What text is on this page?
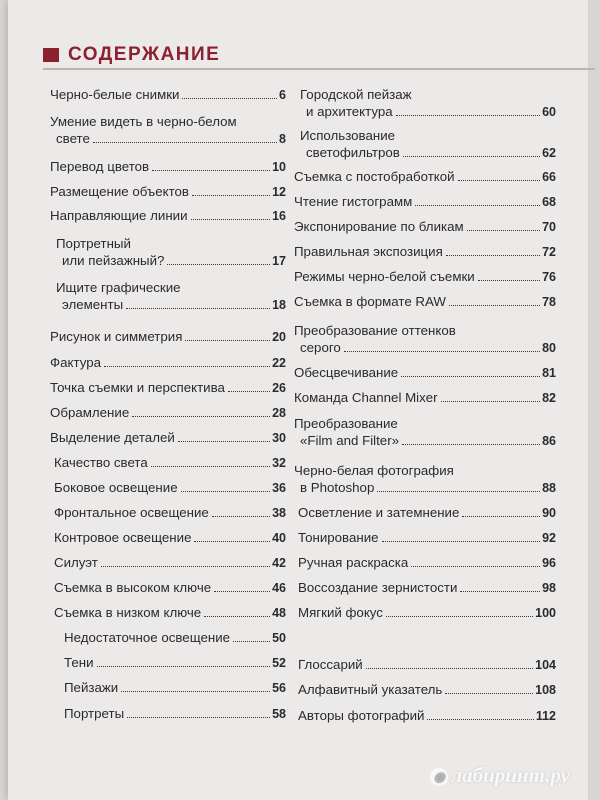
СОДЕРЖАНИЕ
Черно-белые снимки	6
Умение видеть в черно-белом
свете	8
Перевод цветов	10
Размещение объектов	12
Направляющие линии	16
Портретный
или пейзажный?	17
Ищите графические
элементы	18
Рисунок и симметрия	20
Фактура	22
Точка съемки и перспектива	26
Обрамление	28
Выделение деталей	30
Качество света	32
Боковое освещение	36
Фронтальное освещение	38
Контровое освещение	40
Силуэт	42
Съемка в высоком ключе	46
Съемка в низком ключе	48
Недостаточное освещение	50
Тени	52
Пейзажи	56
Портреты	58
Городской пейзаж
и архитектура	60
Использование
светофильтров	62
Съемка с постобработкой	66
Чтение гистограмм	68
Экспонирование по бликам	70
Правильная экспозиция	72
Режимы черно-белой съемки	76
Съемка в формате RAW	78
Преобразование оттенков
серого	80
Обесцвечивание	81
Команда Channel Mixer	82
Преобразование
«Film and Filter»	86
Черно-белая фотография
в Photoshop	88
Осветление и затемнение	90
Тонирование	92
Ручная раскраска	96
Воссоздание зернистости	98
Мягкий фокус	100
Глоссарий	104
Алфавитный указатель	108
Авторы фотографий	112
◉ лабиринт.ру
